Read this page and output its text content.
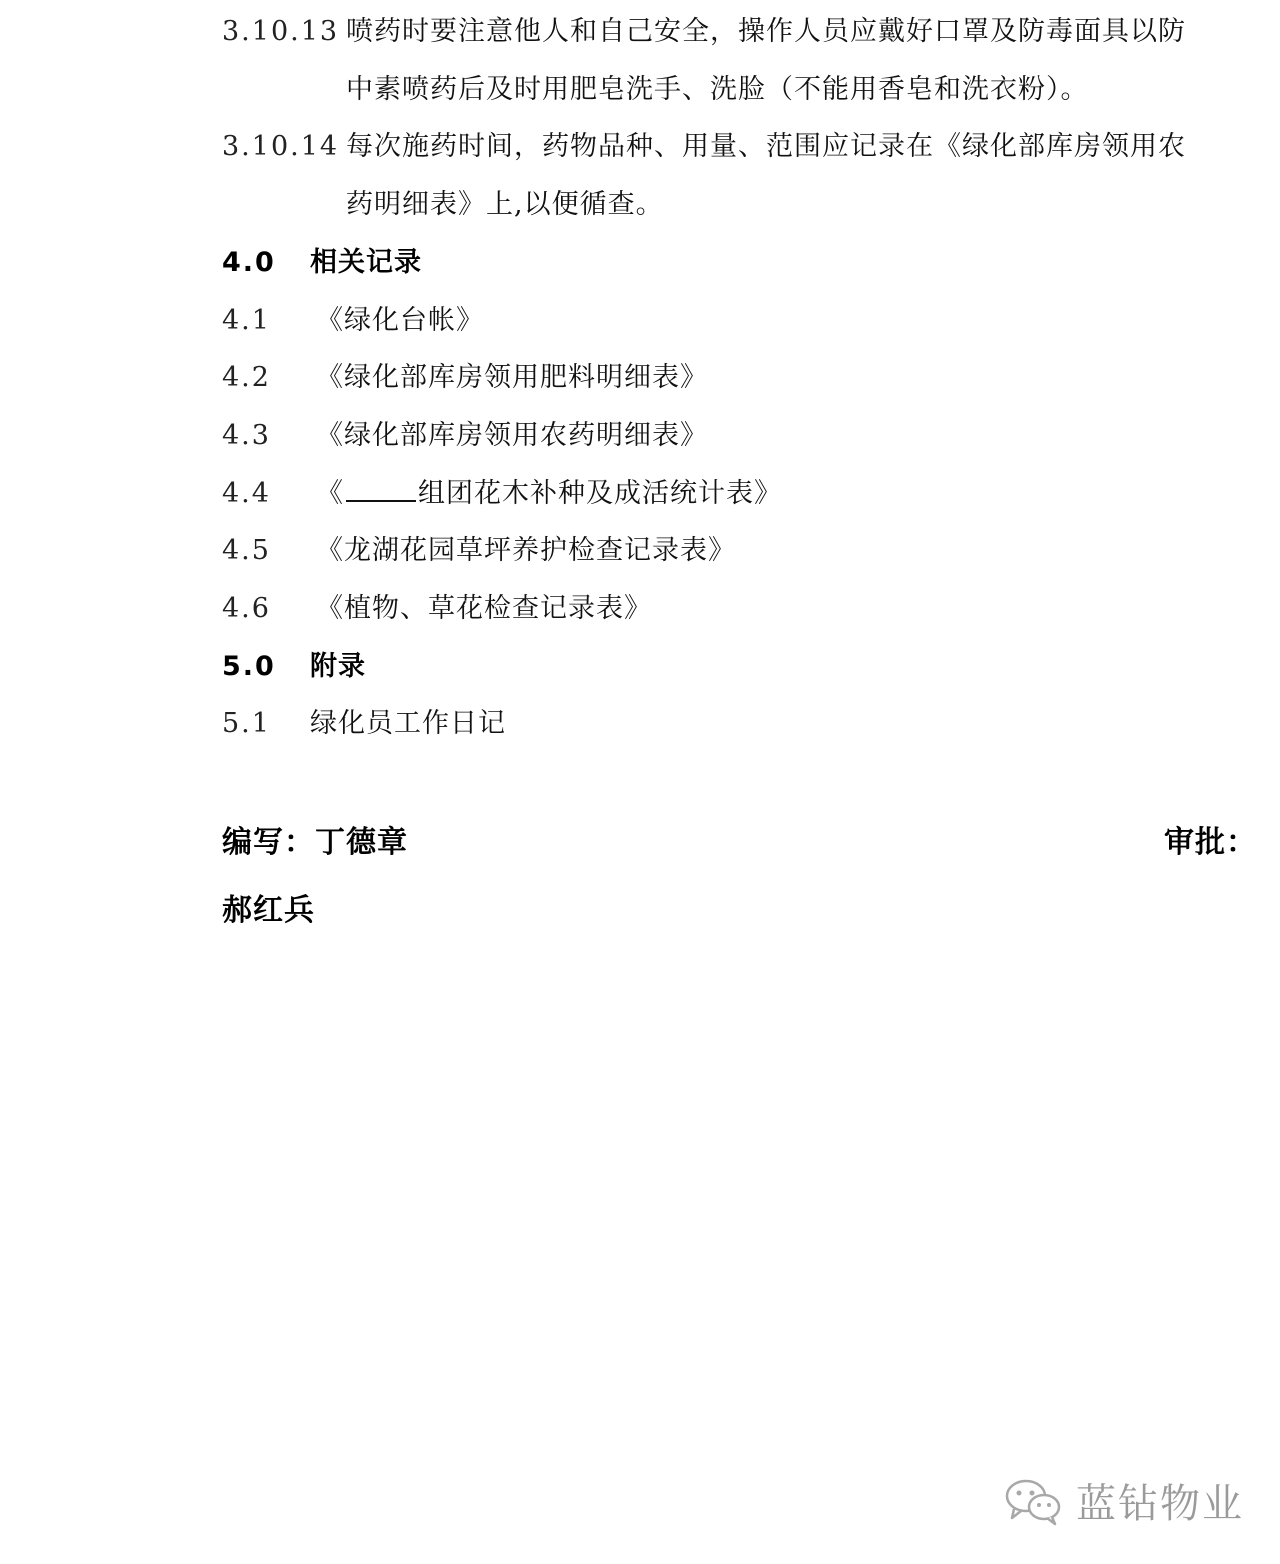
3.10.13 喷药时要注意他人和自己安全，操作人员应戴好口罩及防毒面具以防
中素喷药后及时用肥皂洗手、洗脸（不能用香皂和洗衣粉）。
3.10.14 每次施药时间，药物品种、用量、范围应记录在《绿化部库房领用农
药明细表》上,以便循查。
4.0 相关记录
4.1 《绿化台帐》
4.2 《绿化部库房领用肥料明细表》
4.3 《绿化部库房领用农药明细表》
4.4 《	组团花木补种及成活统计表》
4.5 《龙湖花园草坪养护检查记录表》
4.6 《植物、草花检查记录表》
5.0 附录
5.1 绿化员工作日记
编写：丁德章	审批：
郝红兵
蓝钻物业
